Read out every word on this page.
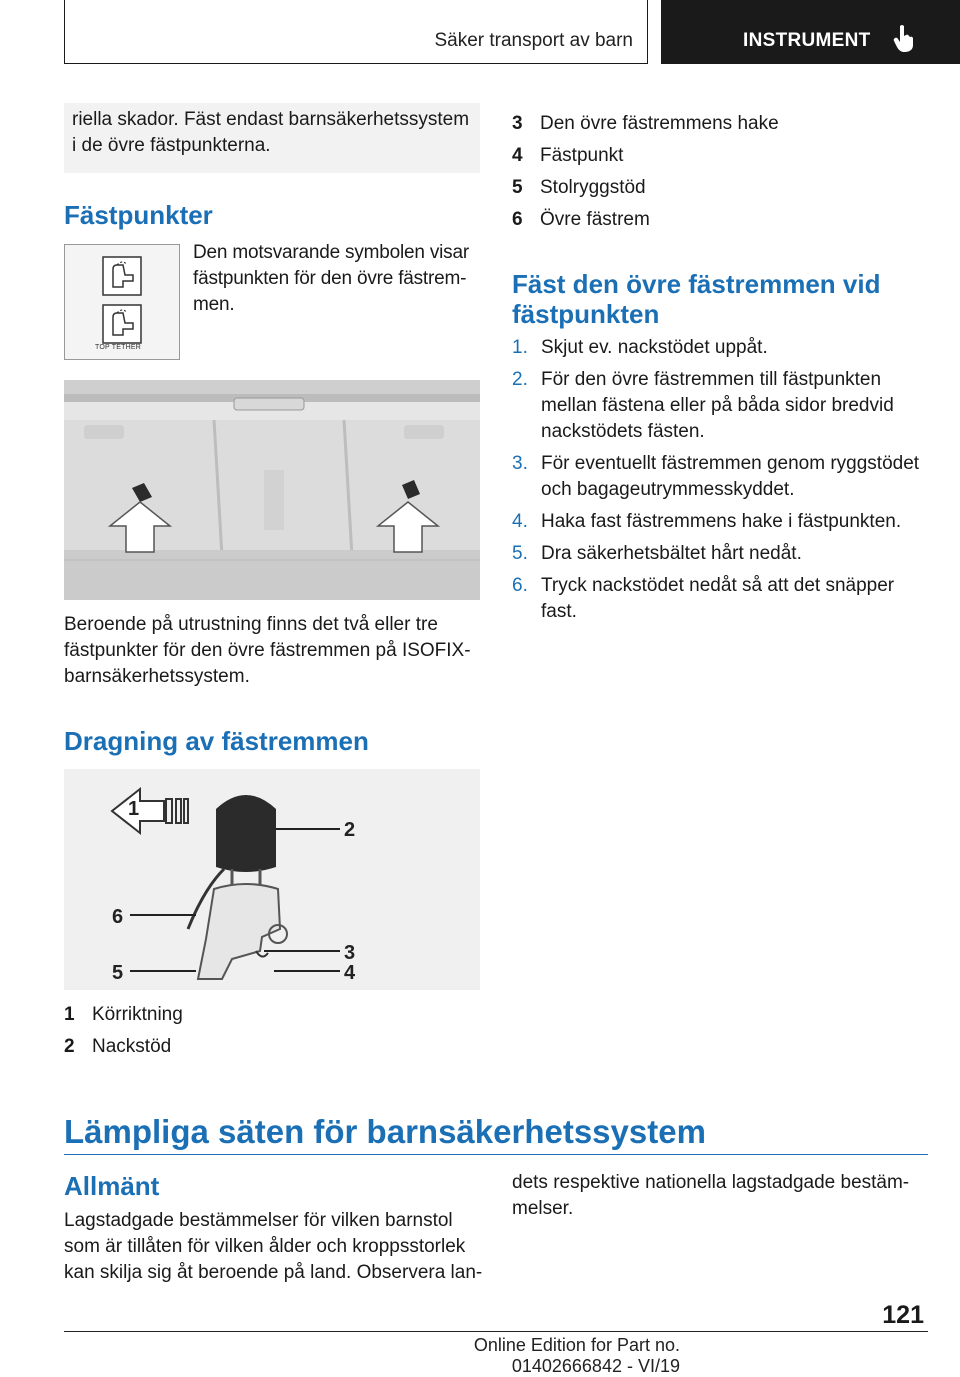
Säker transport av barn	INSTRUMENT
riella skador. Fäst endast barnsäkerhetssystem i de övre fästpunkterna.
Fästpunkter
TOP TETHER

Den motsvarande symbolen visar fästpunkten för den övre fästrem-men.

Beroende på utrustning finns det två eller tre fästpunkter för den övre fästremmen på ISOFIX-barnsäkerhetssystem.

Dragning av fästremmen
1
2
3
4
5
6
1 Körriktning
2 Nackstöd
3 Den övre fästremmens hake
4 Fästpunkt
5 Stolryggstöd
6 Övre fästrem
Fäst den övre fästremmen vid fästpunkten
1. Skjut ev. nackstödet uppåt.
2. För den övre fästremmen till fästpunkten mellan fästena eller på båda sidor bredvid nackstödets fästen.
3. För eventuellt fästremmen genom ryggstödet och bagageutrymmesskyddet.
4. Haka fast fästremmens hake i fästpunkten.
5. Dra säkerhetsbältet hårt nedåt.
6. Tryck nackstödet nedåt så att det snäpper fast.
Lämpliga säten för barnsäkerhetssystem
Allmänt

Lagstadgade bestämmelser för vilken barnstol som är tillåten för vilken ålder och kroppsstorlek kan skilja sig åt beroende på land. Observera lan-

dets respektive nationella lagstadgade bestäm-melser.

121
Online Edition for Part no. 01402666842 - VI/19
